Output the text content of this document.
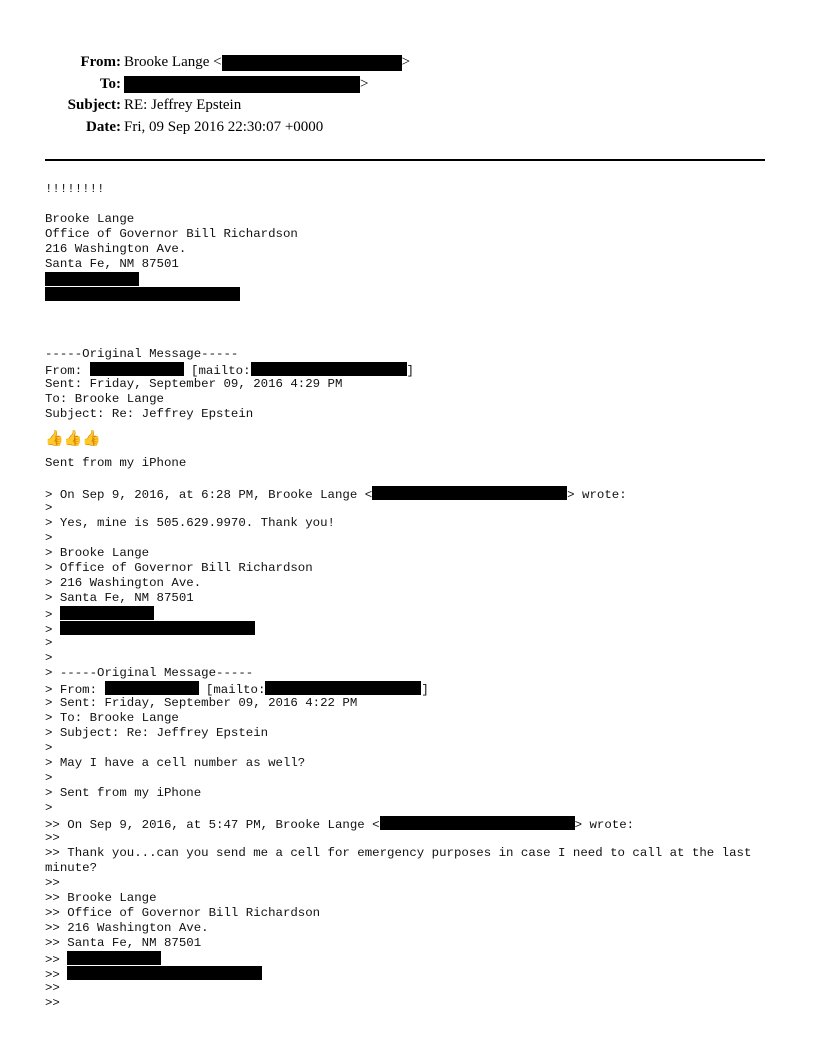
From: Brooke Lange <	>
To:	>
Subject: RE: Jeffrey Epstein
Date: Fri, 09 Sep 2016 22:30:07 +0000
!!!!!!!!
Brooke Lange
Office of Governor Bill Richardson
216 Washington Ave.
Santa Fe, NM 87501
-----Original Message-----
From:	[mailto:	]
Sent: Friday, September 09, 2016 4:29 PM
To: Brooke Lange
Subject: Re: Jeffrey Epstein
👍👍👍
Sent from my iPhone
> On Sep 9, 2016, at 6:28 PM, Brooke Lange <	> wrote:
>
> Yes, mine is 505.629.9970. Thank you!
>
> Brooke Lange
> Office of Governor Bill Richardson
> 216 Washington Ave.
> Santa Fe, NM 87501
>
>
>
>
> -----Original Message-----
> From:	[mailto:	]
> Sent: Friday, September 09, 2016 4:22 PM
> To: Brooke Lange
> Subject: Re: Jeffrey Epstein
>
> May I have a cell number as well?
>
> Sent from my iPhone
>
>> On Sep 9, 2016, at 5:47 PM, Brooke Lange <	> wrote:
>>
>> Thank you...can you send me a cell for emergency purposes in case I need to call at the last minute?
>>
>> Brooke Lange
>> Office of Governor Bill Richardson
>> 216 Washington Ave.
>> Santa Fe, NM 87501
>>
>>
>>
>>
